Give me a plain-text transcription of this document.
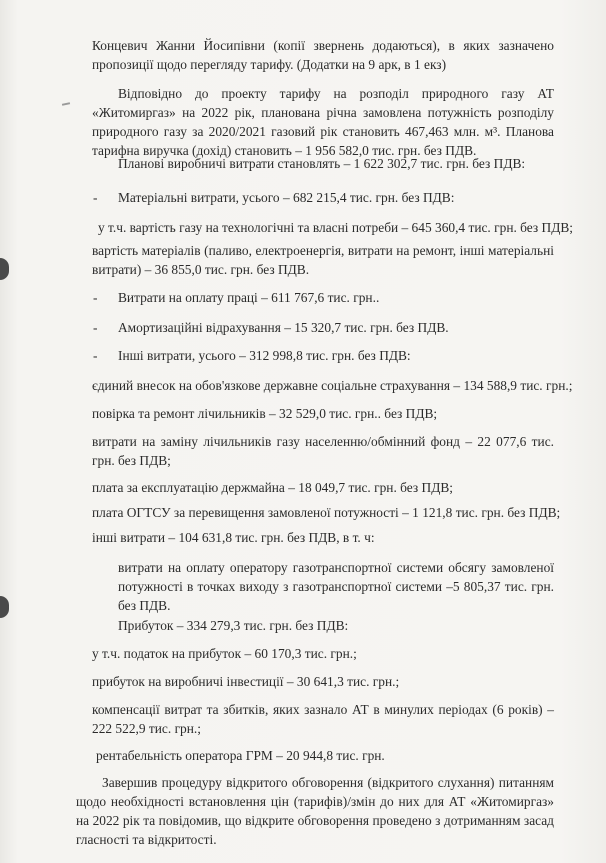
Концевич Жанни Йосипівни (копії звернень додаються), в яких зазначено пропозиції щодо перегляду тарифу. (Додатки на 9 арк, в 1 екз)

Відповідно до проекту тарифу на розподіл природного газу АТ «Житомиргаз» на 2022 рік, планована річна замовлена потужність розподілу природного газу за 2020/2021 газовий рік становить 467,463 млн. м³. Планова тарифна виручка (дохід) становить – 1 956 582,0 тис. грн. без ПДВ.

Планові виробничі витрати становлять – 1 622 302,7 тис. грн. без ПДВ:

- Матеріальні витрати, усього – 682 215,4 тис. грн. без ПДВ:

у т.ч. вартість газу на технологічні та власні потреби – 645 360,4 тис. грн. без ПДВ;

вартість матеріалів (паливо, електроенергія, витрати на ремонт, інші матеріальні витрати) – 36 855,0 тис. грн. без ПДВ.

- Витрати на оплату праці – 611 767,6 тис. грн..

- Амортизаційні відрахування – 15 320,7 тис. грн. без ПДВ.

- Інші витрати, усього – 312 998,8 тис. грн. без ПДВ:

єдиний внесок на обов'язкове державне соціальне страхування – 134 588,9 тис. грн.;

повірка та ремонт лічильників – 32 529,0 тис. грн.. без ПДВ;

витрати на заміну лічильників газу населенню/обмінний фонд – 22 077,6 тис. грн. без ПДВ;

плата за експлуатацію держмайна – 18 049,7 тис. грн. без ПДВ;

плата ОГТСУ за перевищення замовленої потужності – 1 121,8 тис. грн. без ПДВ;

інші витрати – 104 631,8 тис. грн. без ПДВ, в т. ч:

витрати на оплату оператору газотранспортної системи обсягу замовленої потужності в точках виходу з газотранспортної системи –5 805,37 тис. грн. без ПДВ.

Прибуток – 334 279,3 тис. грн. без ПДВ:

у т.ч. податок на прибуток – 60 170,3 тис. грн.;

прибуток на виробничі інвестиції – 30 641,3 тис. грн.;

компенсації витрат та збитків, яких зазнало АТ в минулих періодах (6 років) – 222 522,9 тис. грн.;

рентабельність оператора ГРМ – 20 944,8 тис. грн.

Завершив процедуру відкритого обговорення (відкритого слухання) питанням щодо необхідності встановлення цін (тарифів)/змін до них для АТ «Житомиргаз» на 2022 рік та повідомив, що відкрите обговорення проведено з дотриманням засад гласності та відкритості.
